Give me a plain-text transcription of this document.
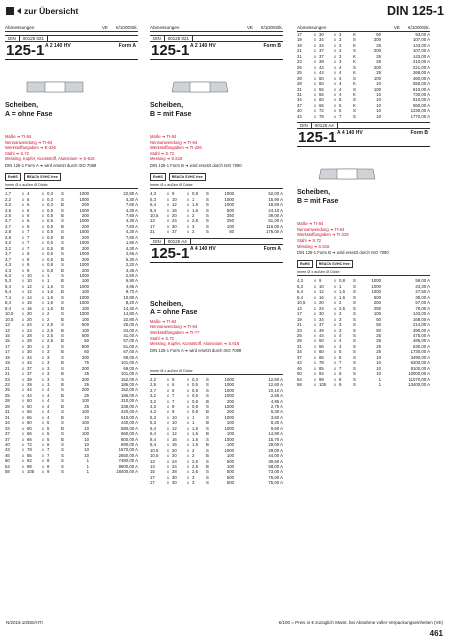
zur Übersicht	DIN 125-1
Abmessungen	VE	€/1000Stk.
DIN	00125 021
125-1 A 2 140 HV	Form A
Scheiben,
A = ohne Fase
Maße ➜ TI-84
Nennanwendung ➜ TI-84
Werkstoffangaben ➜ E-226
Stahl ➜ S.72
Messing, Kupfer, Kunststoff, Aluminium ➜ S-616
DIN 125-1 Form A ➜ wird ersetzt durch ISO 7089
RoHS	REACh SVHC free
innen Ø x außen Ø Dicke
1,7	x	4	x	0,3	S	1000	22,80 A
2,2	x	5	x	0,3	S	1000	4,30 A
2,2	x	6	x	0,3	B	200	7,60 A
2,5	x	6	x	0,5	S	1000	4,30 A
2,5	x	6	x	0,5	B	200	7,60 A
2,7	x	6	x	0,5	S	1000	4,30 A
2,7	x	6	x	0,5	B	200	7,60 A
2,8	x	7	x	0,5	S	1000	4,30 A
2,8	x	7	x	0,5	B	200	7,60 A
3,2	x	7	x	0,5	S	1000	1,90 A
3,2	x	7	x	0,5	B	200	4,30 A
3,7	x	8	x	0,5	S	1000	2,65 A
3,7	x	8	x	0,5	B	200	5,30 A
4,3	x	9	x	0,8	S	1000	2,20 A
4,3	x	9	x	0,8	B	200	4,45 A
5,3	x	10	x	1	S	1000	2,50 A
5,3	x	10	x	1	B	100	6,90 A
6,4	x	12	x	1,6	S	1000	4,95 A
6,4	x	12	x	1,6	B	100	9,70 A
7,4	x	14	x	1,6	S	1000	10,80 A
8,4	x	16	x	1,6	S	1000	8,20 A
8,4	x	16	x	1,6	B	100	14,40 A
10,5	x	20	x	2	S	1000	14,80 A
10,5	x	20	x	2	B	100	22,80 A
13	x	24	x	2,5	S	500	25,00 A
13	x	24	x	2,5	B	100	34,00 A
15	x	28	x	2,5	S	500	41,00 A
15	x	28	x	2,5	B	50	57,00 A
17	x	30	x	3	S	500	51,00 A
17	x	30	x	3	B	50	67,00 A
19	x	34	x	3	S	200	69,00 A
19	x	34	x	3	B	75	101,00 A
21	x	37	x	3	S	200	69,00 A
21	x	37	x	3	B	25	101,00 A
23	x	39	x	3	S	200	152,00 A
23	x	39	x	3	B	25	186,00 A
25	x	44	x	4	S	200	152,00 A
25	x	44	x	4	B	25	186,00 A
28	x	50	x	4	S	100	310,00 A
28	x	50	x	4	B	25	338,00 A
31	x	56	x	4	S	100	420,00 A
31	x	56	x	4	B	10	510,00 A
34	x	60	x	5	S	100	440,00 A
34	x	60	x	5	B	10	580,00 A
37	x	66	x	5	S	100	660,00 A
37	x	66	x	5	B	10	800,00 A
40	x	72	x	6	S	10	690,00 A
43	x	78	x	7	S	10	1670,00 A
46	x	85	x	7	S	10	2650,00 A
50	x	92	x	8	S	1	7480,00 A
54	x	98	x	8	S	1	9900,00 A
58	x	105	x	9	S	1	18400,00 A
Abmessungen	VE	€/1000Stk.
DIN	00125 021
125-1 A 2 140 HV	Form B
Scheiben,
B = mit Fase
Maße ➜ TI-84
Nennanwendung ➜ TI-84
Werkstoffangaben ➜ TI-226
Stahl ➜ S.72
Messing ➜ S.616
DIN 125-1 Form B ➜ wird ersetzt durch ISO 7090
RoHS	REACh SVHC free
innen Ø x außen Ø Dicke
4,3	x	9	x	0,8	S	1000	52,00 A
5,3	x	10	x	1	S	1000	15,90 A
6,4	x	12	x	1,6	S	1000	18,60 A
8,4	x	16	x	1,6	S	500	24,10 A
10,5	x	20	x	2	S	250	39,00 A
13	x	24	x	2,5	S	250	61,00 A
17	x	30	x	3	S	100	116,00 A
21	x	37	x	3	S	50	176,00 A
DIN	00125 A4
125-1 A 4 140 HV	Form A
Scheiben,
A = ohne Fase
Maße ➜ TI-84
Nennanwendung ➜ TI-84
Werkstoffangaben ➜ TI-??
Stahl ➜ S.72
Messing, Kupfer, Kunststoff, Aluminium ➜ S.616
DIN 125-1 Form A ➜ wird ersetzt durch ISO 7089
innen Ø x außen Ø Dicke
2,2	x	5	x	0,3	S	1000	12,60 A
2,5	x	6	x	0,5	S	1000	12,60 A
2,7	x	6	x	0,5	S	1000	10,10 A
3,2	x	7	x	0,5	S	1000	2,65 A
3,2	x	7	x	0,5	B	200	4,95 A
4,3	x	9	x	0,8	S	1000	2,75 A
4,3	x	9	x	0,8	B	200	5,30 A
5,3	x	10	x	1	S	1000	3,60 A
5,3	x	10	x	1	B	100	8,30 A
6,4	x	12	x	1,6	S	1000	9,60 A
6,4	x	12	x	1,6	B	100	14,90 A
8,4	x	16	x	1,6	S	1000	15,70 A
8,4	x	16	x	1,6	B	100	29,00 A
10,5	x	20	x	2	S	1000	29,00 A
10,5	x	20	x	2	B	100	44,00 A
13	x	24	x	2,5	S	500	39,50 A
13	x	24	x	2,5	B	100	58,00 A
15	x	28	x	2,5	S	500	73,00 A
17	x	30	x	3	S	500	75,00 A
17	x	30	x	3	S	500	75,00 A
Abmessungen	VE	€/1000Stk.
17	x	30	x	3	K	50	93,00 A
19	x	34	x	3	S	200	107,00 A
19	x	34	x	3	K	25	143,00 A
21	x	37	x	3	S	200	107,00 A
21	x	37	x	3	K	25	143,00 A
23	x	39	x	3	K	25	210,00 A
25	x	44	x	4	S	200	221,00 A
25	x	44	x	4	K	25	268,00 A
28	x	50	x	4	S	100	460,00 A
28	x	50	x	4	K	10	550,00 A
31	x	56	x	4	S	100	610,00 A
31	x	56	x	4	K	10	730,00 A
34	x	60	x	5	S	10	810,00 A
37	x	66	x	5	K	10	960,00 A
40	x	72	x	6	S	10	1230,00 A
43	x	78	x	7	S	10	1770,00 A
DIN	00125 A4
125-1 A 4 140 HV	Form B
Scheiben,
B = mit Fase
Maße ➜ TI-84
Nennanwendung ➜ TI-84
Werkstoffangaben ➜ TI-226
Stahl ➜ S.72
Messing ➜ S.616
DIN 125-1 Form B ➜ wird ersetzt durch ISO 7090
RoHS	REACh SVHC free
innen Ø x außen Ø Dicke
4,3	x	9	x	0,8	S	1000	59,00 A
5,3	x	10	x	1	S	1000	23,30 A
6,4	x	12	x	1,6	S	1000	27,50 A
8,4	x	16	x	1,6	S	500	39,00 A
10,5	x	20	x	2	S	250	57,00 A
13	x	24	x	2,5	S	250	78,00 A
17	x	30	x	3	S	100	143,00 A
19	x	34	x	3	S	50	168,00 A
21	x	37	x	3	S	50	214,00 A
23	x	39	x	3	S	50	390,00 A
25	x	44	x	4	S	25	475,00 A
28	x	50	x	4	S	25	485,00 A
31	x	56	x	4	S	25	630,00 A
34	x	60	x	5	S	25	1730,00 A
37	x	66	x	5	S	10	3490,00 A
43	x	78	x	7	S	10	6200,00 A
46	x	85	x	7	S	10	9100,00 A
50	x	92	x	8	S	10	10000,00 A
54	x	98	x	8	S	1	11070,00 A
58	x	105	x	9	S	1	13400,00 A
N/2019.10/DE/HTI	€/100 = Preis in € zuzüglich MwSt. bei Abnahme voller Verpackungseinheiten (VE)
461
